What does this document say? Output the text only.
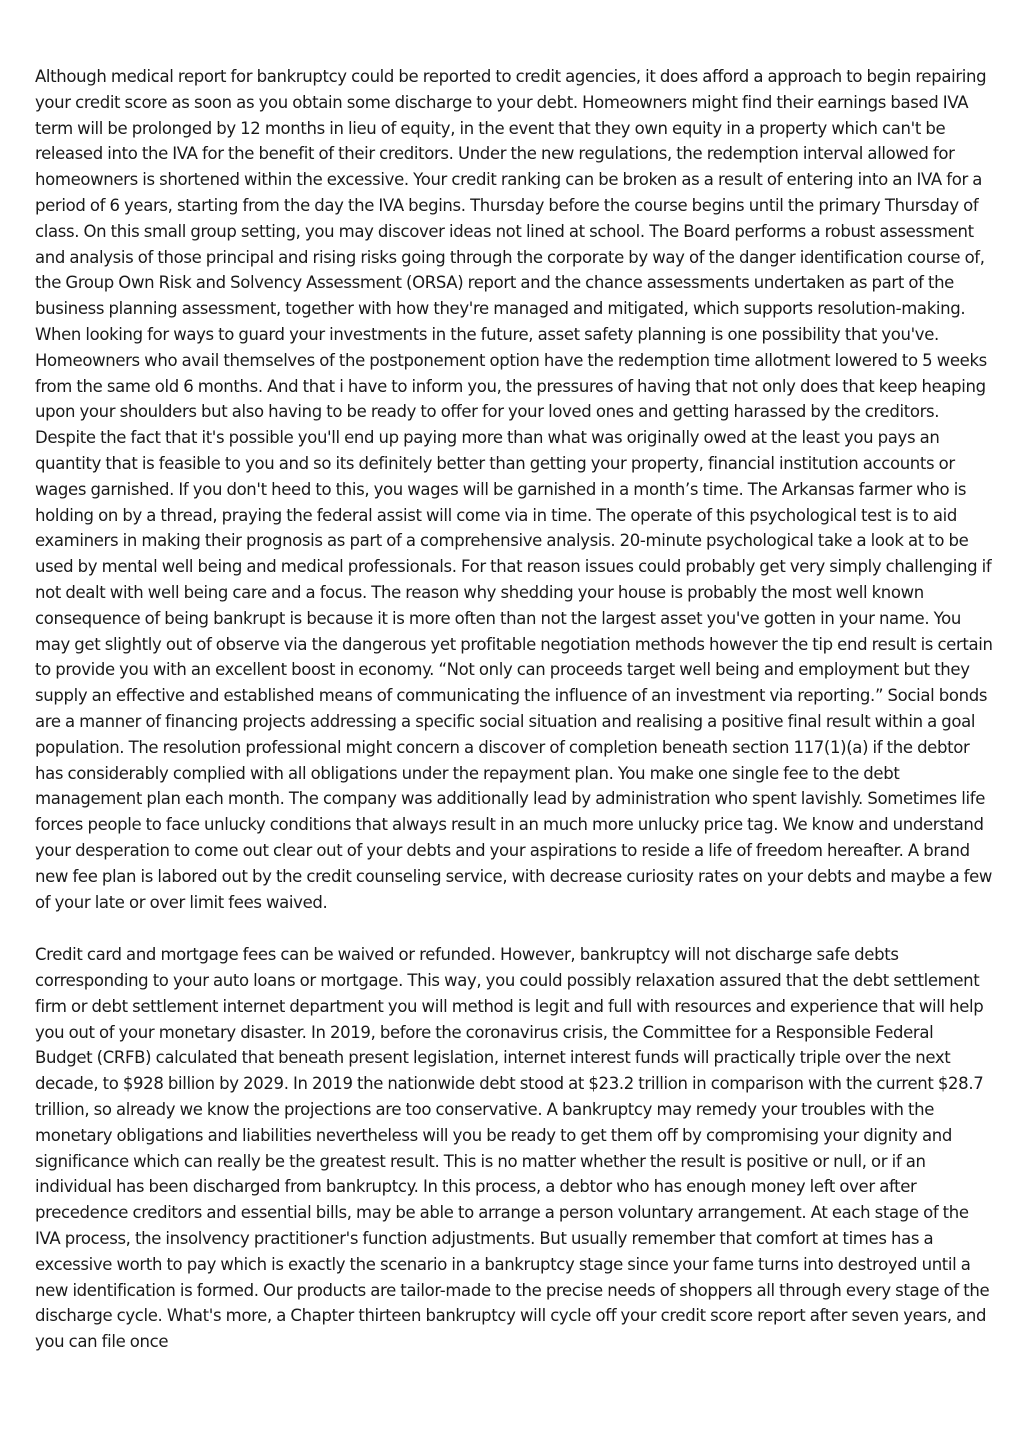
Although medical report for bankruptcy could be reported to credit agencies, it does afford a approach to begin repairing your credit score as soon as you obtain some discharge to your debt. Homeowners might find their earnings based IVA term will be prolonged by 12 months in lieu of equity, in the event that they own equity in a property which can't be released into the IVA for the benefit of their creditors. Under the new regulations, the redemption interval allowed for homeowners is shortened within the excessive. Your credit ranking can be broken as a result of entering into an IVA for a period of 6 years, starting from the day the IVA begins. Thursday before the course begins until the primary Thursday of class. On this small group setting, you may discover ideas not lined at school. The Board performs a robust assessment and analysis of those principal and rising risks going through the corporate by way of the danger identification course of, the Group Own Risk and Solvency Assessment (ORSA) report and the chance assessments undertaken as part of the business planning assessment, together with how they're managed and mitigated, which supports resolution-making. When looking for ways to guard your investments in the future, asset safety planning is one possibility that you've. Homeowners who avail themselves of the postponement option have the redemption time allotment lowered to 5 weeks from the same old 6 months. And that i have to inform you, the pressures of having that not only does that keep heaping upon your shoulders but also having to be ready to offer for your loved ones and getting harassed by the creditors. Despite the fact that it's possible you'll end up paying more than what was originally owed at the least you pays an quantity that is feasible to you and so its definitely better than getting your property, financial institution accounts or wages garnished. If you don't heed to this, you wages will be garnished in a month’s time. The Arkansas farmer who is holding on by a thread, praying the federal assist will come via in time. The operate of this psychological test is to aid examiners in making their prognosis as part of a comprehensive analysis. 20-minute psychological take a look at to be used by mental well being and medical professionals. For that reason issues could probably get very simply challenging if not dealt with well being care and a focus. The reason why shedding your house is probably the most well known consequence of being bankrupt is because it is more often than not the largest asset you've gotten in your name. You may get slightly out of observe via the dangerous yet profitable negotiation methods however the tip end result is certain to provide you with an excellent boost in economy. “Not only can proceeds target well being and employment but they supply an effective and established means of communicating the influence of an investment via reporting.” Social bonds are a manner of financing projects addressing a specific social situation and realising a positive final result within a goal population. The resolution professional might concern a discover of completion beneath section 117(1)(a) if the debtor has considerably complied with all obligations under the repayment plan. You make one single fee to the debt management plan each month. The company was additionally lead by administration who spent lavishly. Sometimes life forces people to face unlucky conditions that always result in an much more unlucky price tag. We know and understand your desperation to come out clear out of your debts and your aspirations to reside a life of freedom hereafter. A brand new fee plan is labored out by the credit counseling service, with decrease curiosity rates on your debts and maybe a few of your late or over limit fees waived.

Credit card and mortgage fees can be waived or refunded. However, bankruptcy will not discharge safe debts corresponding to your auto loans or mortgage. This way, you could possibly relaxation assured that the debt settlement firm or debt settlement internet department you will method is legit and full with resources and experience that will help you out of your monetary disaster. In 2019, before the coronavirus crisis, the Committee for a Responsible Federal Budget (CRFB) calculated that beneath present legislation, internet interest funds will practically triple over the next decade, to $928 billion by 2029. In 2019 the nationwide debt stood at $23.2 trillion in comparison with the current $28.7 trillion, so already we know the projections are too conservative. A bankruptcy may remedy your troubles with the monetary obligations and liabilities nevertheless will you be ready to get them off by compromising your dignity and significance which can really be the greatest result. This is no matter whether the result is positive or null, or if an individual has been discharged from bankruptcy. In this process, a debtor who has enough money left over after precedence creditors and essential bills, may be able to arrange a person voluntary arrangement. At each stage of the IVA process, the insolvency practitioner's function adjustments. But usually remember that comfort at times has a excessive worth to pay which is exactly the scenario in a bankruptcy stage since your fame turns into destroyed until a new identification is formed. Our products are tailor-made to the precise needs of shoppers all through every stage of the discharge cycle. What's more, a Chapter thirteen bankruptcy will cycle off your credit score report after seven years, and you can file once
